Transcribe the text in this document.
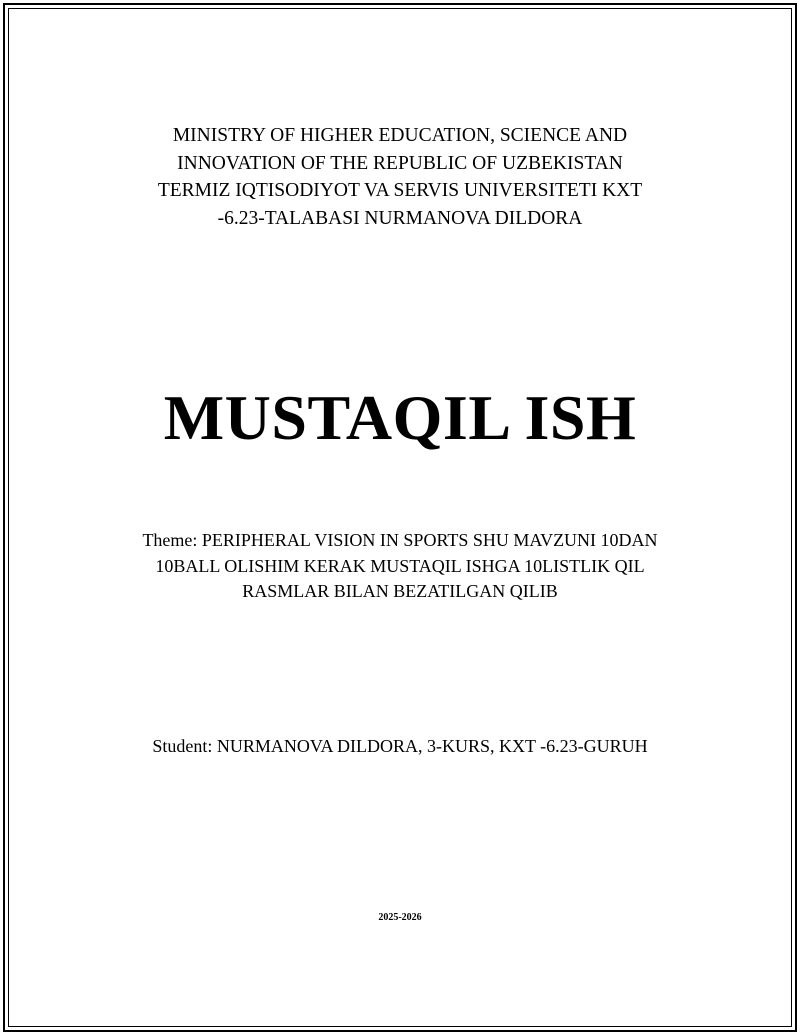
MINISTRY OF HIGHER EDUCATION, SCIENCE AND
INNOVATION OF THE REPUBLIC OF UZBEKISTAN
TERMIZ IQTISODIYOT VA SERVIS UNIVERSITETI KXT
-6.23-TALABASI NURMANOVA DILDORA
MUSTAQIL ISH
Theme: PERIPHERAL VISION IN SPORTS SHU MAVZUNI 10DAN
10BALL OLISHIM KERAK MUSTAQIL ISHGA 10LISTLIK QIL
RASMLAR BILAN BEZATILGAN QILIB
Student: NURMANOVA DILDORA, 3-KURS, KXT -6.23-GURUH
2025-2026
